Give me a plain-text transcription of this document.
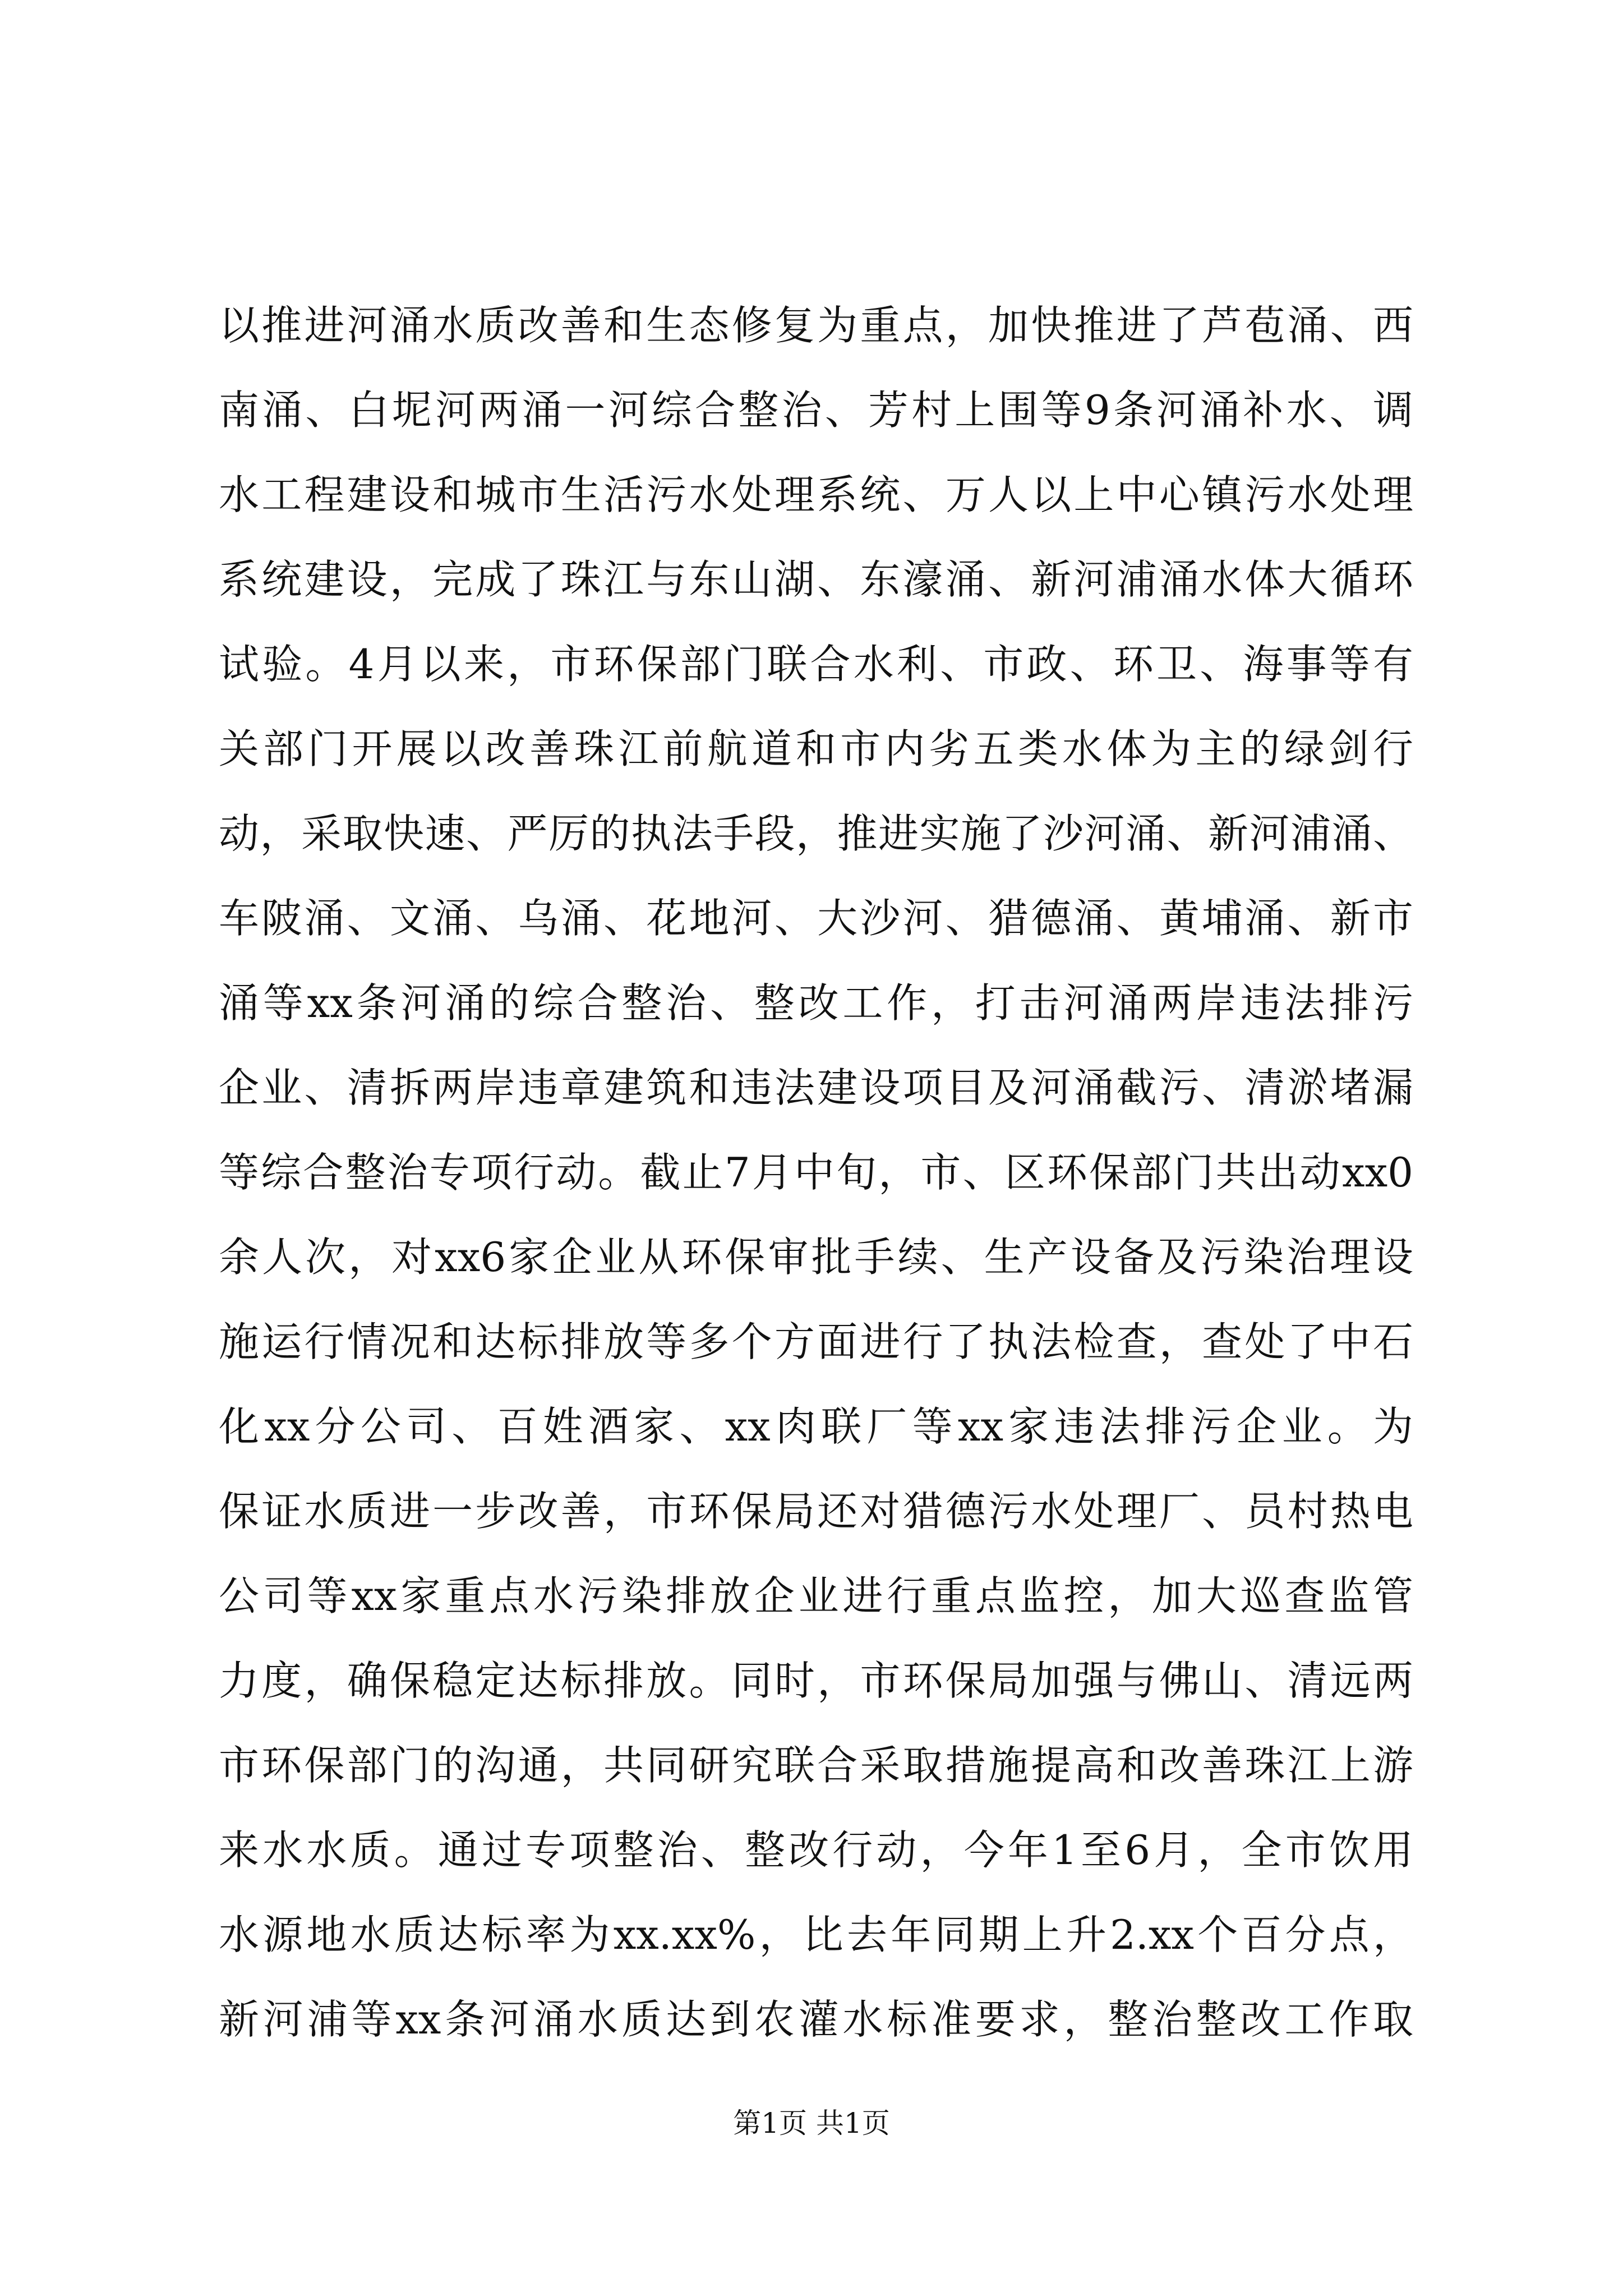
以推进河涌水质改善和生态修复为重点，加快推进了芦苞涌、西
南涌、白坭河两涌一河综合整治、芳村上围等9条河涌补水、调
水工程建设和城市生活污水处理系统、万人以上中心镇污水处理
系统建设，完成了珠江与东山湖、东濠涌、新河浦涌水体大循环
试验。4月以来，市环保部门联合水利、市政、环卫、海事等有
关部门开展以改善珠江前航道和市内劣五类水体为主的绿剑行
动，采取快速、严厉的执法手段，推进实施了沙河涌、新河浦涌、
车陂涌、文涌、乌涌、花地河、大沙河、猎德涌、黄埔涌、新市
涌等xx条河涌的综合整治、整改工作，打击河涌两岸违法排污
企业、清拆两岸违章建筑和违法建设项目及河涌截污、清淤堵漏
等综合整治专项行动。截止7月中旬，市、区环保部门共出动xx0
余人次，对xx6家企业从环保审批手续、生产设备及污染治理设
施运行情况和达标排放等多个方面进行了执法检查，查处了中石
化xx分公司、百姓酒家、xx肉联厂等xx家违法排污企业。为
保证水质进一步改善，市环保局还对猎德污水处理厂、员村热电
公司等xx家重点水污染排放企业进行重点监控，加大巡查监管
力度，确保稳定达标排放。同时，市环保局加强与佛山、清远两
市环保部门的沟通，共同研究联合采取措施提高和改善珠江上游
来水水质。通过专项整治、整改行动，今年1至6月，全市饮用
水源地水质达标率为xx.xx%，比去年同期上升2.xx个百分点，
新河浦等xx条河涌水质达到农灌水标准要求，整治整改工作取
第1页 共1页
